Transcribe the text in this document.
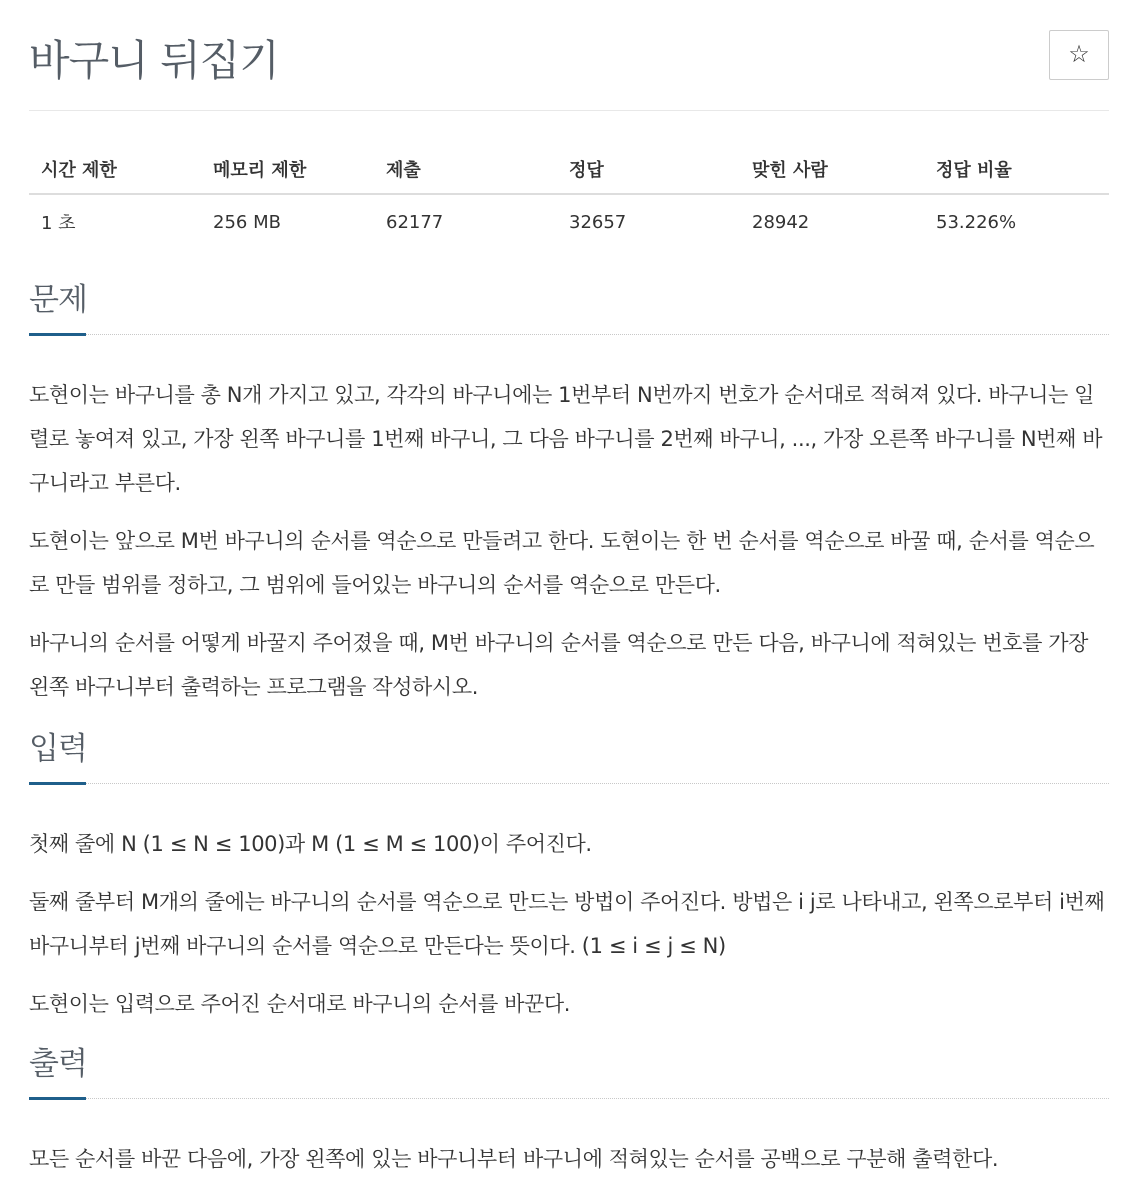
바구니 뒤집기	☆
시간 제한	메모리 제한	제출	정답	맞힌 사람	정답 비율
1 초	256 MB	62177	32657	28942	53.226%
문제

도현이는 바구니를 총 N개 가지고 있고, 각각의 바구니에는 1번부터 N번까지 번호가 순서대로 적혀져 있다. 바구니는 일렬로 놓여져 있고, 가장 왼쪽 바구니를 1번째 바구니, 그 다음 바구니를 2번째 바구니, ..., 가장 오른쪽 바구니를 N번째 바구니라고 부른다.

도현이는 앞으로 M번 바구니의 순서를 역순으로 만들려고 한다. 도현이는 한 번 순서를 역순으로 바꿀 때, 순서를 역순으로 만들 범위를 정하고, 그 범위에 들어있는 바구니의 순서를 역순으로 만든다.

바구니의 순서를 어떻게 바꿀지 주어졌을 때, M번 바구니의 순서를 역순으로 만든 다음, 바구니에 적혀있는 번호를 가장 왼쪽 바구니부터 출력하는 프로그램을 작성하시오.

입력

첫째 줄에 N (1 ≤ N ≤ 100)과 M (1 ≤ M ≤ 100)이 주어진다.

둘째 줄부터 M개의 줄에는 바구니의 순서를 역순으로 만드는 방법이 주어진다. 방법은 i j로 나타내고, 왼쪽으로부터 i번째 바구니부터 j번째 바구니의 순서를 역순으로 만든다는 뜻이다. (1 ≤ i ≤ j ≤ N)

도현이는 입력으로 주어진 순서대로 바구니의 순서를 바꾼다.

출력

모든 순서를 바꾼 다음에, 가장 왼쪽에 있는 바구니부터 바구니에 적혀있는 순서를 공백으로 구분해 출력한다.
